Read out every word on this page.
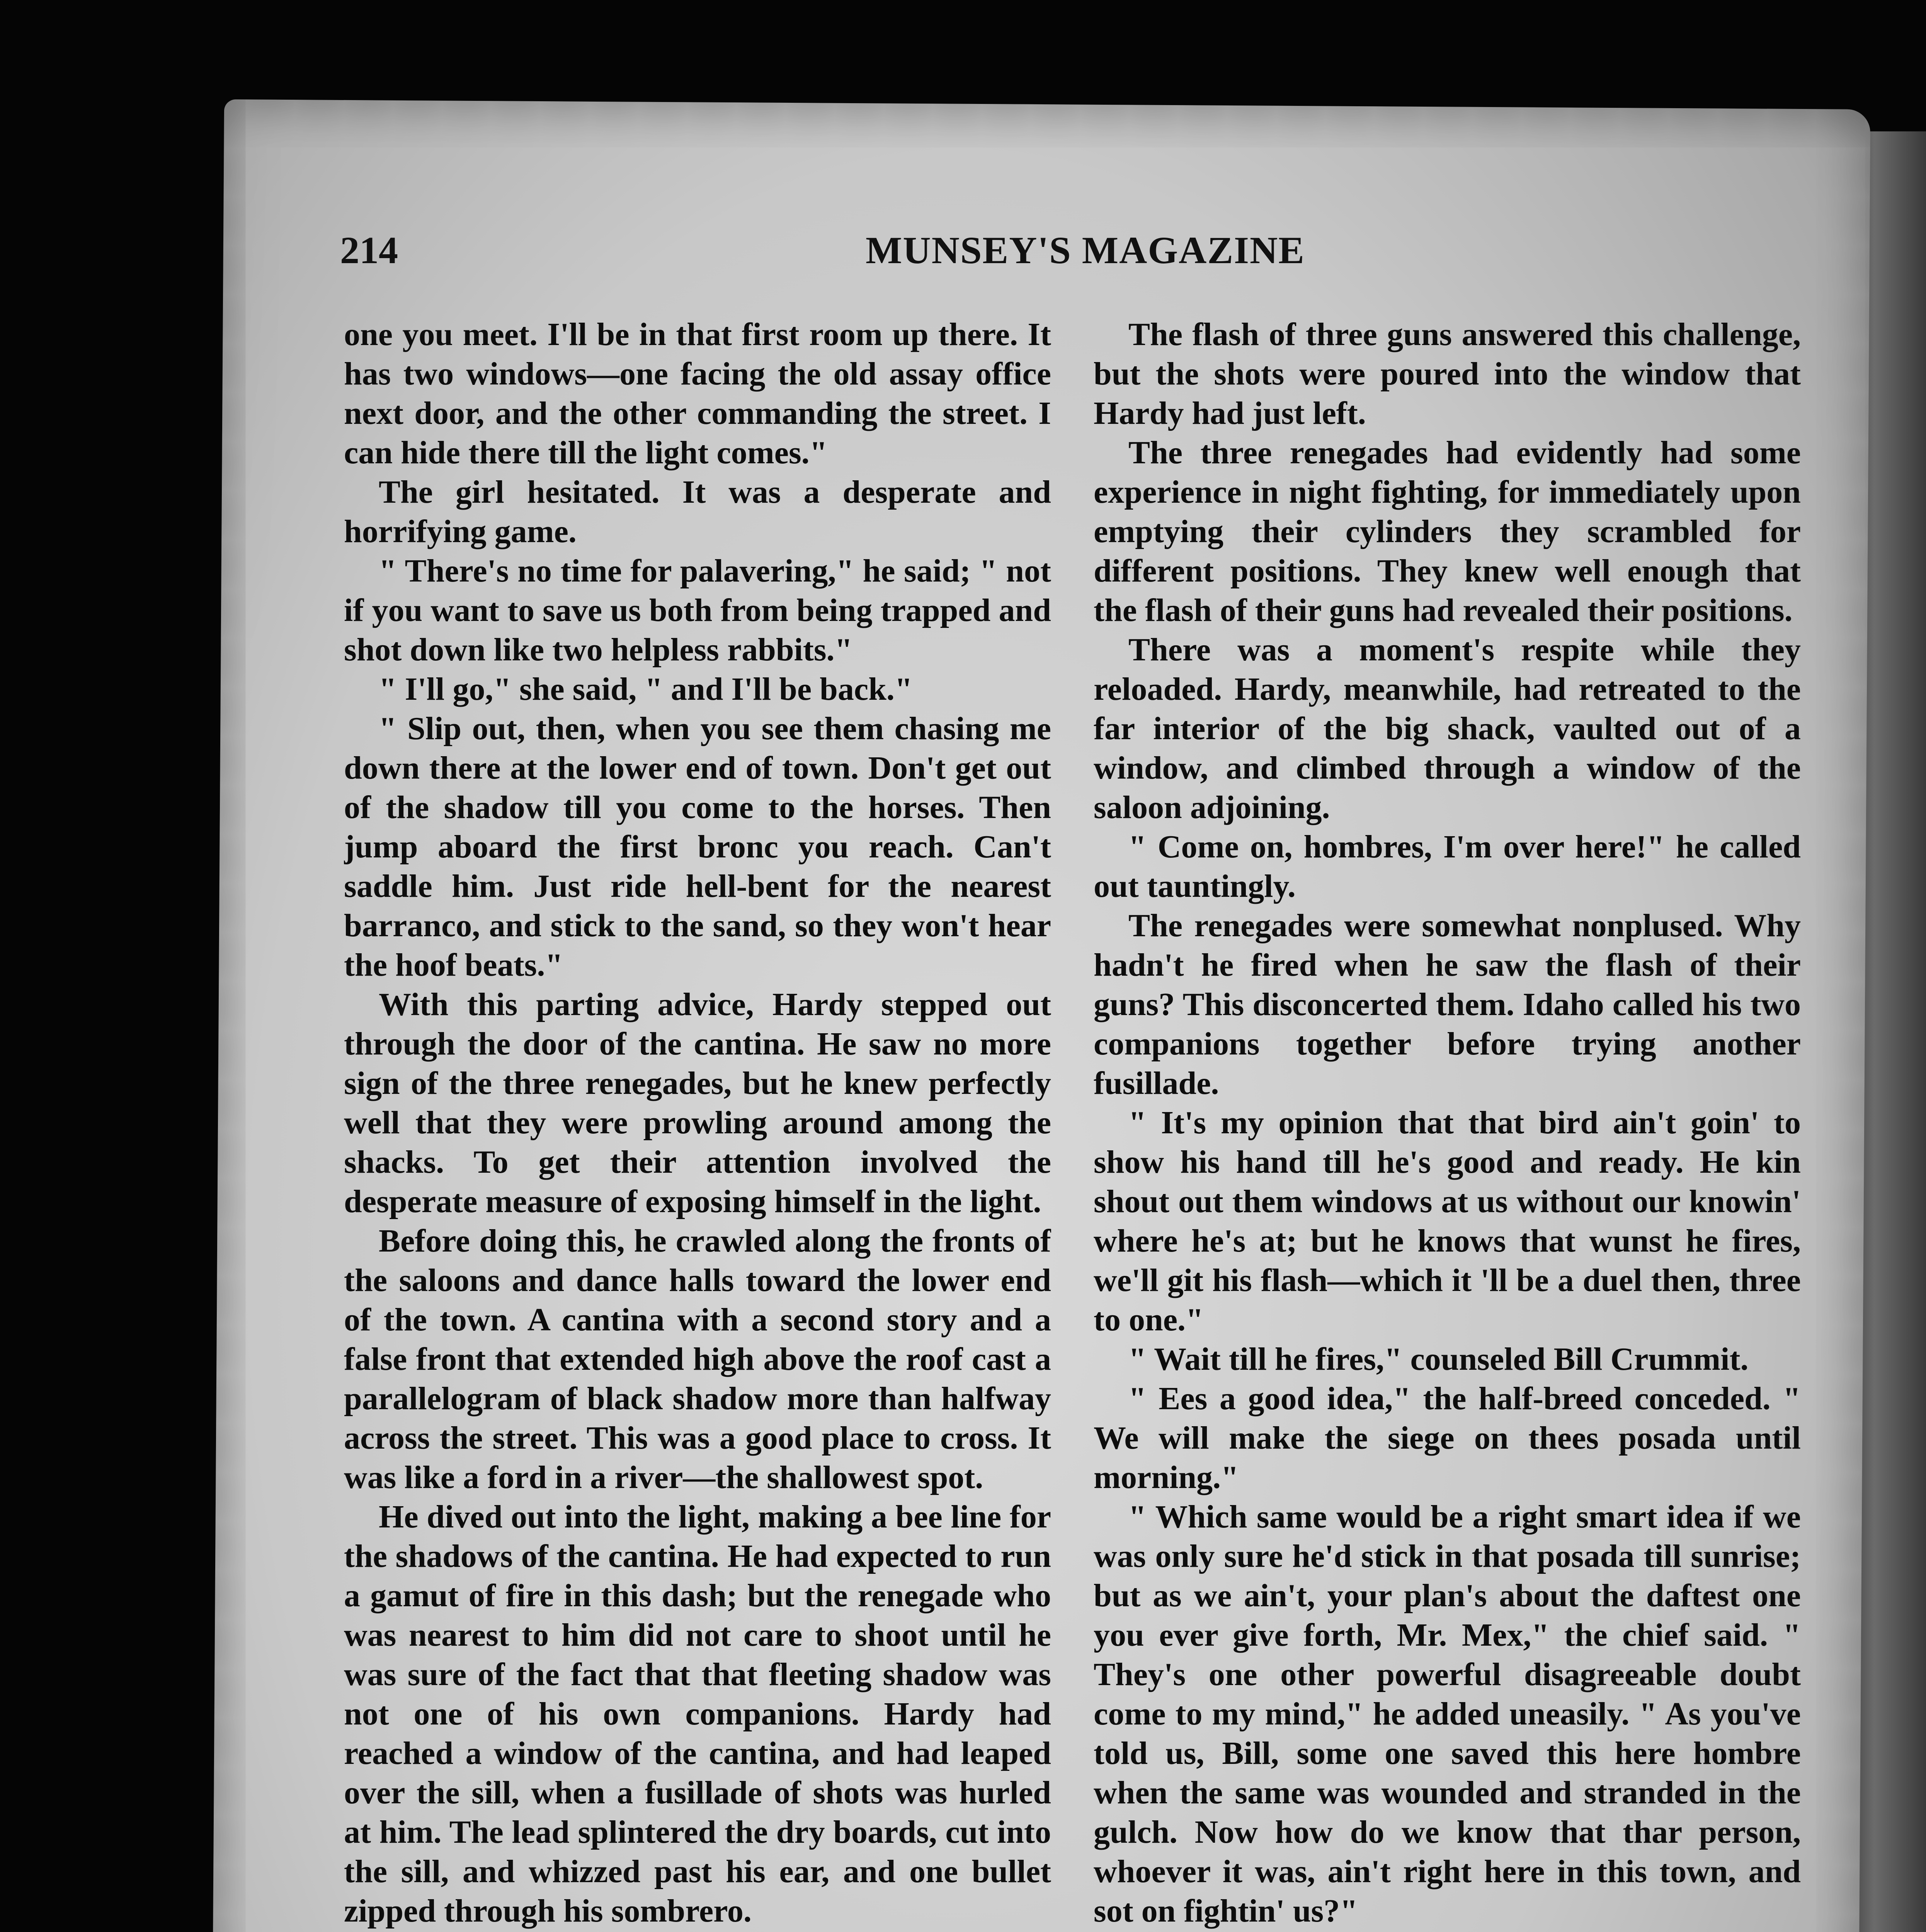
214	MUNSEY'S MAGAZINE

one you meet. I'll be in that first room up there. It has two windows—one facing the old assay office next door, and the other commanding the street. I can hide there till the light comes."

The girl hesitated. It was a desperate and horrifying game.

" There's no time for palavering," he said; " not if you want to save us both from being trapped and shot down like two helpless rabbits."

" I'll go," she said, " and I'll be back."

" Slip out, then, when you see them chasing me down there at the lower end of town. Don't get out of the shadow till you come to the horses. Then jump aboard the first bronc you reach. Can't saddle him. Just ride hell-bent for the nearest barranco, and stick to the sand, so they won't hear the hoof beats."

With this parting advice, Hardy stepped out through the door of the cantina. He saw no more sign of the three renegades, but he knew perfectly well that they were prowling around among the shacks. To get their attention involved the desperate measure of exposing himself in the light.

Before doing this, he crawled along the fronts of the saloons and dance halls toward the lower end of the town. A cantina with a second story and a false front that extended high above the roof cast a parallelogram of black shadow more than halfway across the street. This was a good place to cross. It was like a ford in a river—the shallowest spot.

He dived out into the light, making a bee line for the shadows of the cantina. He had expected to run a gamut of fire in this dash; but the renegade who was nearest to him did not care to shoot until he was sure of the fact that that fleeting shadow was not one of his own companions. Hardy had reached a window of the cantina, and had leaped over the sill, when a fusillade of shots was hurled at him. The lead splintered the dry boards, cut into the sill, and whizzed past his ear, and one bullet zipped through his sombrero.

The flash of three guns answered this challenge, but the shots were poured into the window that Hardy had just left.

The three renegades had evidently had some experience in night fighting, for immediately upon emptying their cylinders they scrambled for different positions. They knew well enough that the flash of their guns had revealed their positions.

There was a moment's respite while they reloaded. Hardy, meanwhile, had retreated to the far interior of the big shack, vaulted out of a window, and climbed through a window of the saloon adjoining.

" Come on, hombres, I'm over here!" he called out tauntingly.

The renegades were somewhat nonplused. Why hadn't he fired when he saw the flash of their guns? This disconcerted them. Idaho called his two companions together before trying another fusillade.

" It's my opinion that that bird ain't goin' to show his hand till he's good and ready. He kin shout out them windows at us without our knowin' where he's at; but he knows that wunst he fires, we'll git his flash—which it 'll be a duel then, three to one."

" Wait till he fires," counseled Bill Crummit.

" Ees a good idea," the half-breed conceded. " We will make the siege on thees posada until morning."

" Which same would be a right smart idea if we was only sure he'd stick in that posada till sunrise; but as we ain't, your plan's about the daftest one you ever give forth, Mr. Mex," the chief said. " They's one other powerful disagreeable doubt come to my mind," he added uneasily. " As you've told us, Bill, some one saved this here hombre when the same was wounded and stranded in the gulch. Now how do we know that thar person, whoever it was, ain't right here in this town, and sot on fightin' us?"
